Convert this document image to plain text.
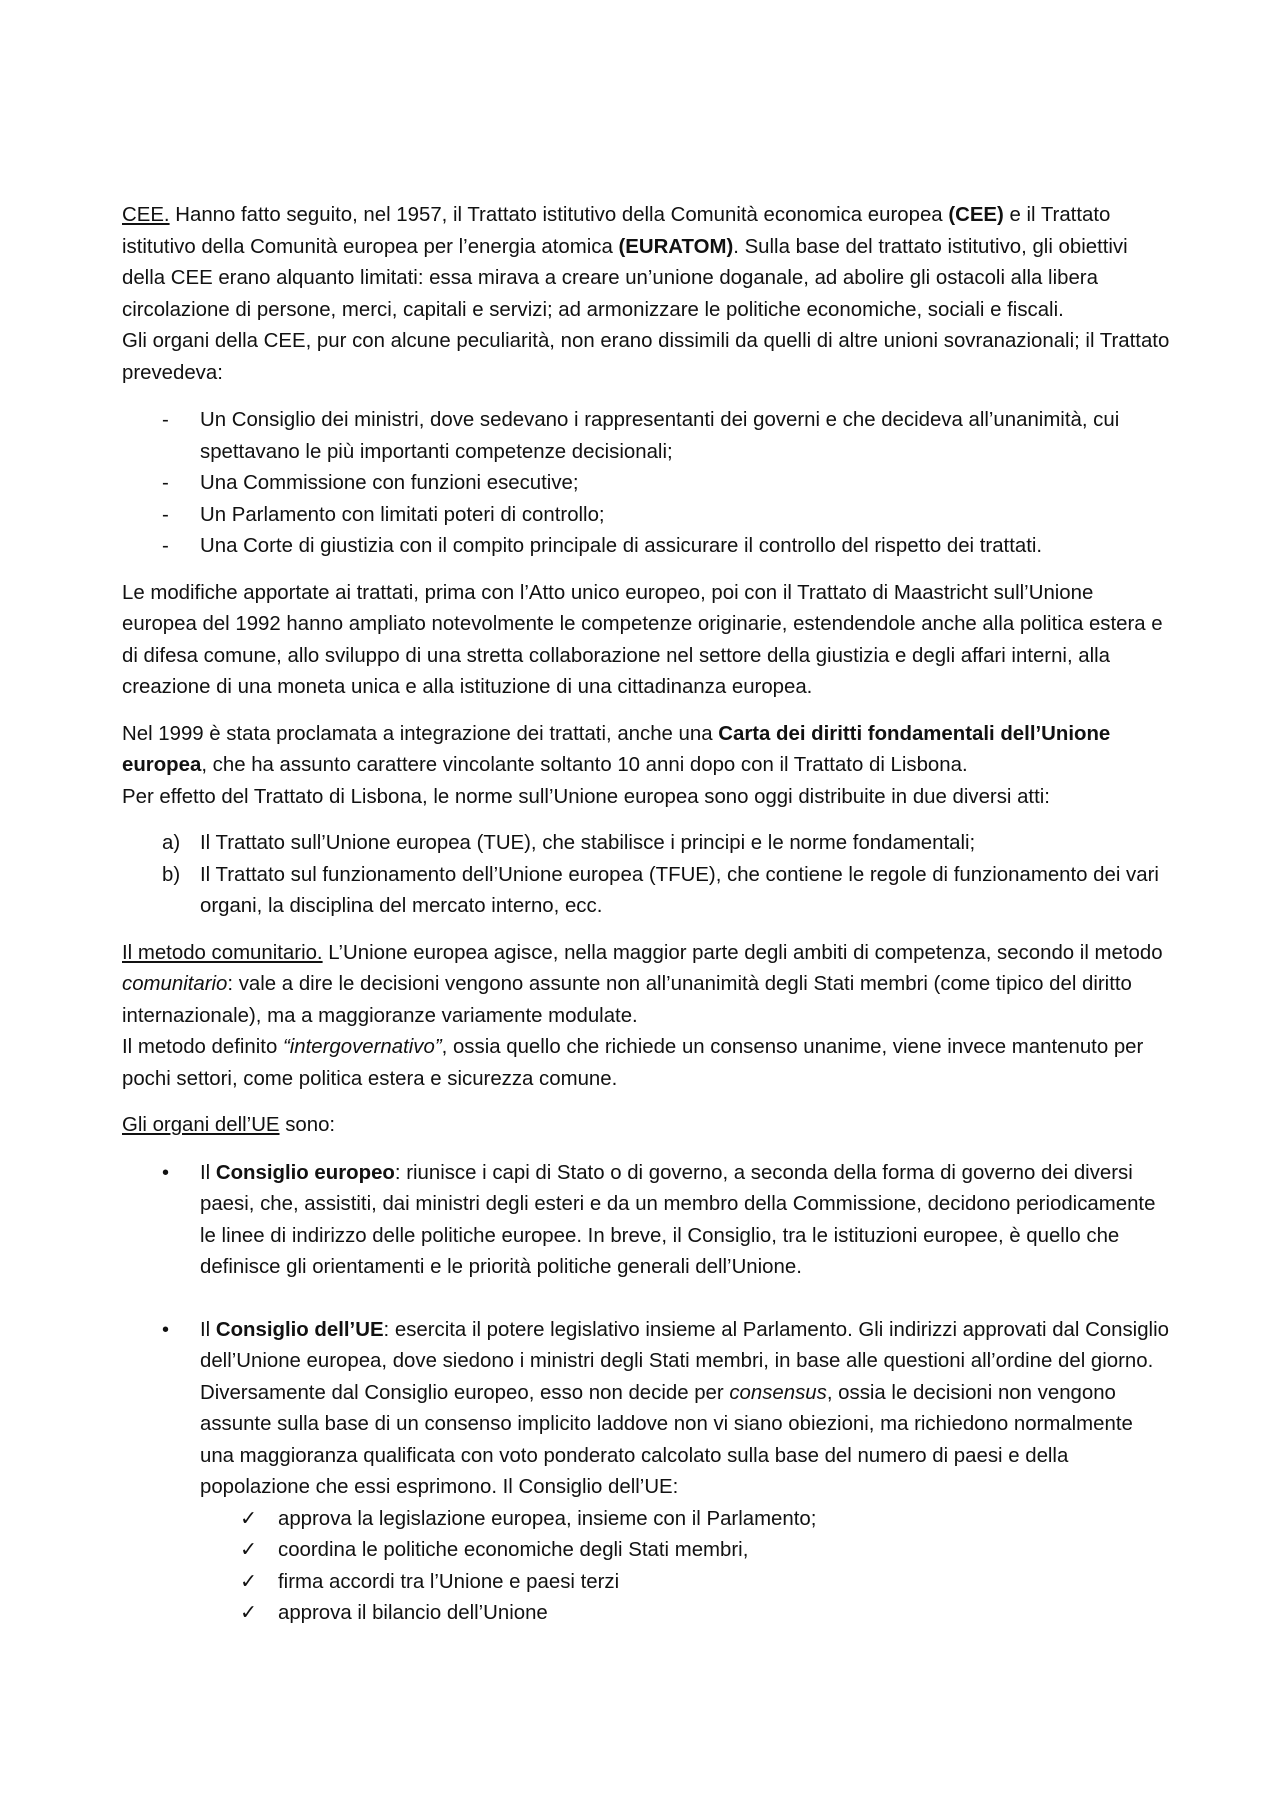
CEE. Hanno fatto seguito, nel 1957, il Trattato istitutivo della Comunità economica europea (CEE) e il Trattato istitutivo della Comunità europea per l’energia atomica (EURATOM). Sulla base del trattato istitutivo, gli obiettivi della CEE erano alquanto limitati: essa mirava a creare un’unione doganale, ad abolire gli ostacoli alla libera circolazione di persone, merci, capitali e servizi; ad armonizzare le politiche economiche, sociali e fiscali.

Gli organi della CEE, pur con alcune peculiarità, non erano dissimili da quelli di altre unioni sovranazionali; il Trattato prevedeva:

- Un Consiglio dei ministri, dove sedevano i rappresentanti dei governi e che decideva all’unanimità, cui spettavano le più importanti competenze decisionali;
- Una Commissione con funzioni esecutive;
- Un Parlamento con limitati poteri di controllo;
- Una Corte di giustizia con il compito principale di assicurare il controllo del rispetto dei trattati.

Le modifiche apportate ai trattati, prima con l’Atto unico europeo, poi con il Trattato di Maastricht sull’Unione europea del 1992 hanno ampliato notevolmente le competenze originarie, estendendole anche alla politica estera e di difesa comune, allo sviluppo di una stretta collaborazione nel settore della giustizia e degli affari interni, alla creazione di una moneta unica e alla istituzione di una cittadinanza europea.

Nel 1999 è stata proclamata a integrazione dei trattati, anche una Carta dei diritti fondamentali dell’Unione europea, che ha assunto carattere vincolante soltanto 10 anni dopo con il Trattato di Lisbona.

Per effetto del Trattato di Lisbona, le norme sull’Unione europea sono oggi distribuite in due diversi atti:

a) Il Trattato sull’Unione europea (TUE), che stabilisce i principi e le norme fondamentali;
b) Il Trattato sul funzionamento dell’Unione europea (TFUE), che contiene le regole di funzionamento dei vari organi, la disciplina del mercato interno, ecc.

Il metodo comunitario. L’Unione europea agisce, nella maggior parte degli ambiti di competenza, secondo il metodo comunitario: vale a dire le decisioni vengono assunte non all’unanimità degli Stati membri (come tipico del diritto internazionale), ma a maggioranze variamente modulate.

Il metodo definito “intergovernativo”, ossia quello che richiede un consenso unanime, viene invece mantenuto per pochi settori, come politica estera e sicurezza comune.

Gli organi dell’UE sono:

• Il Consiglio europeo: riunisce i capi di Stato o di governo, a seconda della forma di governo dei diversi paesi, che, assistiti, dai ministri degli esteri e da un membro della Commissione, decidono periodicamente le linee di indirizzo delle politiche europee. In breve, il Consiglio, tra le istituzioni europee, è quello che definisce gli orientamenti e le priorità politiche generali dell’Unione.
• Il Consiglio dell’UE: esercita il potere legislativo insieme al Parlamento. Gli indirizzi approvati dal Consiglio dell’Unione europea, dove siedono i ministri degli Stati membri, in base alle questioni all’ordine del giorno. Diversamente dal Consiglio europeo, esso non decide per consensus, ossia le decisioni non vengono assunte sulla base di un consenso implicito laddove non vi siano obiezioni, ma richiedono normalmente una maggioranza qualificata con voto ponderato calcolato sulla base del numero di paesi e della popolazione che essi esprimono. Il Consiglio dell’UE:
✓ approva la legislazione europea, insieme con il Parlamento;
✓ coordina le politiche economiche degli Stati membri,
✓ firma accordi tra l’Unione e paesi terzi
✓ approva il bilancio dell’Unione
